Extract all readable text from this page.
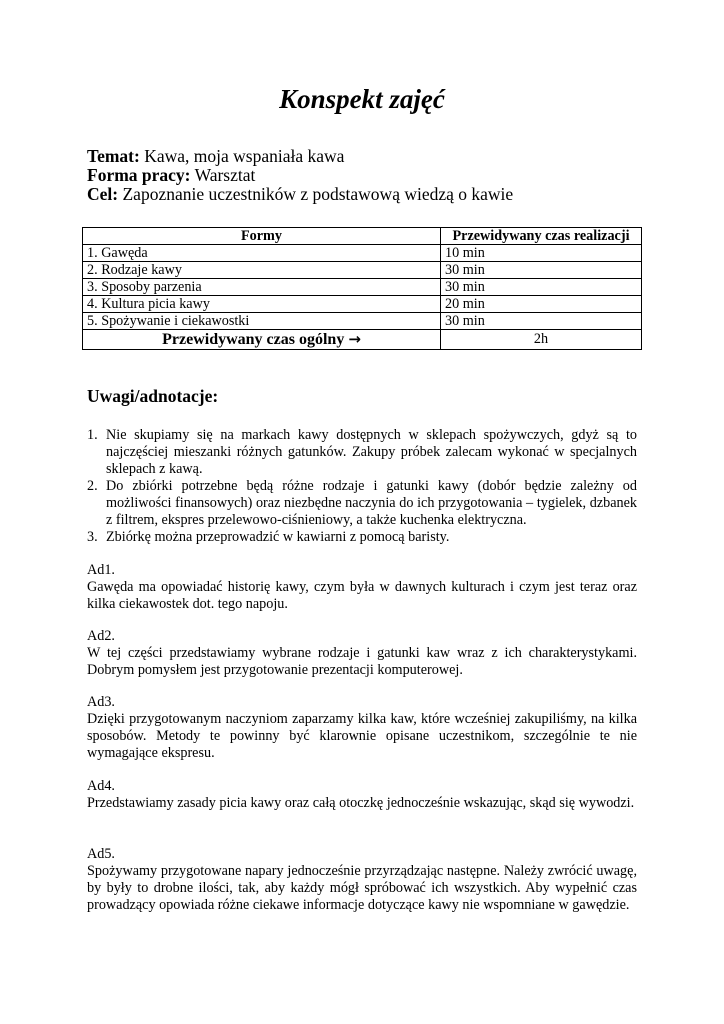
Konspekt zajęć
Temat: Kawa, moja wspaniała kawa
Forma pracy: Warsztat
Cel: Zapoznanie uczestników z podstawową wiedzą o kawie
Formy	Przewidywany czas realizacji
1. Gawęda	10 min
2. Rodzaje kawy	30 min
3. Sposoby parzenia	30 min
4. Kultura picia kawy	20 min
5. Spożywanie i ciekawostki	30 min
Przewidywany czas ogólny →	2h
Uwagi/adnotacje:
1. Nie skupiamy się na markach kawy dostępnych w sklepach spożywczych, gdyż są to najczęściej mieszanki różnych gatunków. Zakupy próbek zalecam wykonać w specjalnych sklepach z kawą.
2. Do zbiórki potrzebne będą różne rodzaje i gatunki kawy (dobór będzie zależny od możliwości finansowych) oraz niezbędne naczynia do ich przygotowania – tygielek, dzbanek z filtrem, ekspres przelewowo-ciśnieniowy, a także kuchenka elektryczna.
3. Zbiórkę można przeprowadzić w kawiarni z pomocą baristy.
Ad1.
Gawęda ma opowiadać historię kawy, czym była w dawnych kulturach i czym jest teraz oraz kilka ciekawostek dot. tego napoju.
Ad2.
W tej części przedstawiamy wybrane rodzaje i gatunki kaw wraz z ich charakterystykami. Dobrym pomysłem jest przygotowanie prezentacji komputerowej.
Ad3.
Dzięki przygotowanym naczyniom zaparzamy kilka kaw, które wcześniej zakupiliśmy, na kilka sposobów. Metody te powinny być klarownie opisane uczestnikom, szczególnie te nie wymagające ekspresu.
Ad4.
Przedstawiamy zasady picia kawy oraz całą otoczkę jednocześnie wskazując, skąd się wywodzi.
Ad5.
Spożywamy przygotowane napary jednocześnie przyrządzając następne. Należy zwrócić uwagę, by były to drobne ilości, tak, aby każdy mógł spróbować ich wszystkich. Aby wypełnić czas prowadzący opowiada różne ciekawe informacje dotyczące kawy nie wspomniane w gawędzie.
